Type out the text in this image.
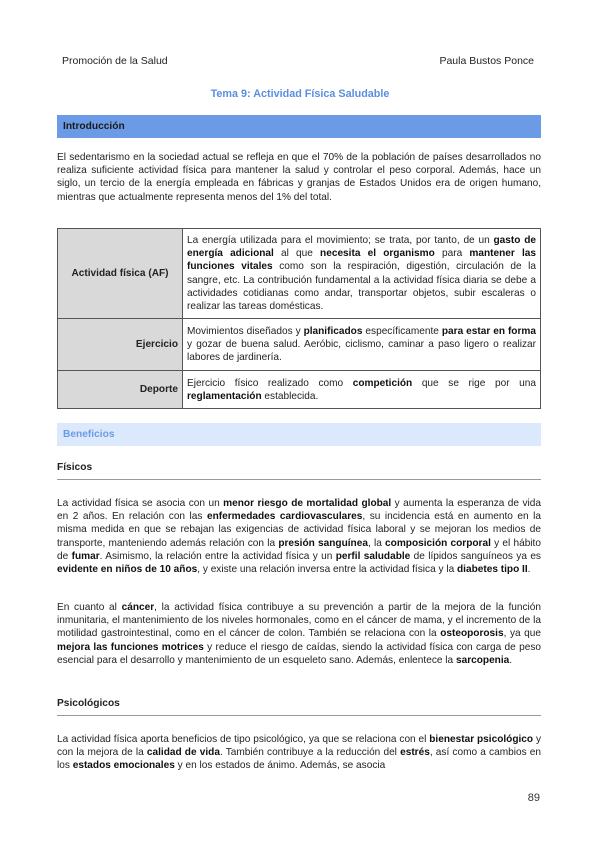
Promoción de la Salud	Paula Bustos Ponce
Tema 9: Actividad Física Saludable
Introducción

El sedentarismo en la sociedad actual se refleja en que el 70% de la población de países desarrollados no realiza suficiente actividad física para mantener la salud y controlar el peso corporal. Además, hace un siglo, un tercio de la energía empleada en fábricas y granjas de Estados Unidos era de origen humano, mientras que actualmente representa menos del 1% del total.

Actividad física (AF)	La energía utilizada para el movimiento; se trata, por tanto, de un gasto de energía adicional al que necesita el organismo para mantener las funciones vitales como son la respiración, digestión, circulación de la sangre, etc. La contribución fundamental a la actividad física diaria se debe a actividades cotidianas como andar, transportar objetos, subir escaleras o realizar las tareas domésticas.
Ejercicio	Movimientos diseñados y planificados específicamente para estar en forma y gozar de buena salud. Aeróbic, ciclismo, caminar a paso ligero o realizar labores de jardinería.
Deporte	Ejercicio físico realizado como competición que se rige por una reglamentación establecida.
Beneficios
Físicos

La actividad física se asocia con un menor riesgo de mortalidad global y aumenta la esperanza de vida en 2 años. En relación con las enfermedades cardiovasculares, su incidencia está en aumento en la misma medida en que se rebajan las exigencias de actividad física laboral y se mejoran los medios de transporte, manteniendo además relación con la presión sanguínea, la composición corporal y el hábito de fumar. Asimismo, la relación entre la actividad física y un perfil saludable de lípidos sanguíneos ya es evidente en niños de 10 años, y existe una relación inversa entre la actividad física y la diabetes tipo II.

En cuanto al cáncer, la actividad física contribuye a su prevención a partir de la mejora de la función inmunitaria, el mantenimiento de los niveles hormonales, como en el cáncer de mama, y el incremento de la motilidad gastrointestinal, como en el cáncer de colon. También se relaciona con la osteoporosis, ya que mejora las funciones motrices y reduce el riesgo de caídas, siendo la actividad física con carga de peso esencial para el desarrollo y mantenimiento de un esqueleto sano. Además, enlentece la sarcopenia.

Psicológicos

La actividad física aporta beneficios de tipo psicológico, ya que se relaciona con el bienestar psicológico y con la mejora de la calidad de vida. También contribuye a la reducción del estrés, así como a cambios en los estados emocionales y en los estados de ánimo. Además, se asocia

89
